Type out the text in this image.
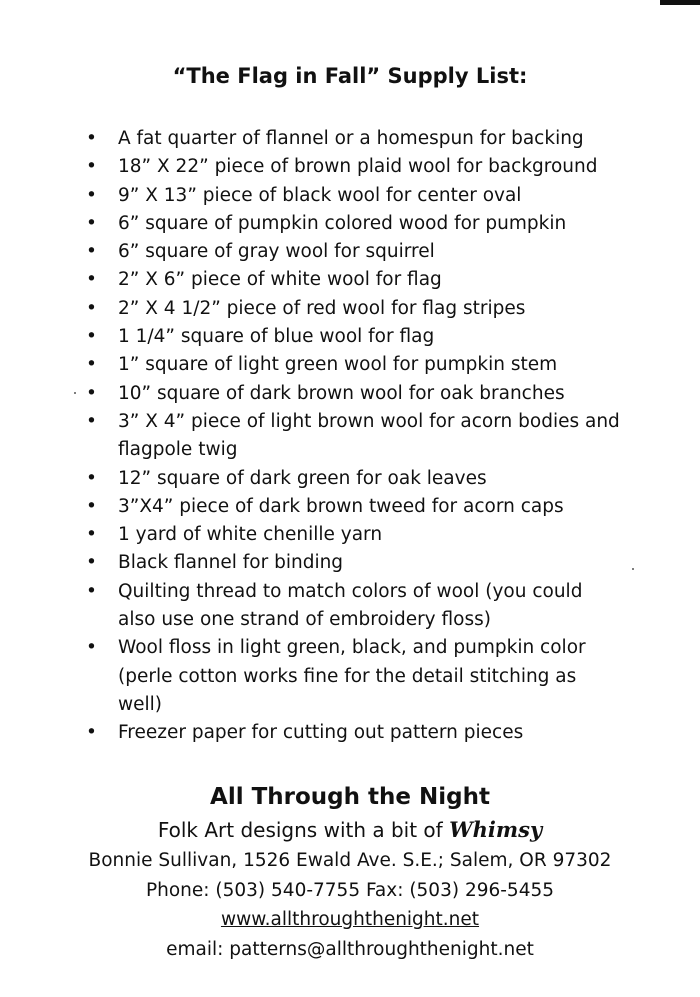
“The Flag in Fall” Supply List:
• A fat quarter of flannel or a homespun for backing
• 18” X 22” piece of brown plaid wool for background
• 9” X 13” piece of black wool for center oval
• 6” square of pumpkin colored wood for pumpkin
• 6” square of gray wool for squirrel
• 2” X 6” piece of white wool for flag
• 2” X 4 1/2” piece of red wool for flag stripes
• 1 1/4” square of blue wool for flag
• 1” square of light green wool for pumpkin stem
• 10” square of dark brown wool for oak branches
• 3” X 4” piece of light brown wool for acorn bodies and
flagpole twig
• 12” square of dark green for oak leaves
• 3”X4” piece of dark brown tweed for acorn caps
• 1 yard of white chenille yarn
• Black flannel for binding
• Quilting thread to match colors of wool (you could
also use one strand of embroidery floss)
• Wool floss in light green, black, and pumpkin color
(perle cotton works fine for the detail stitching as
well)
• Freezer paper for cutting out pattern pieces
All Through the Night
Folk Art designs with a bit of Whimsy
Bonnie Sullivan, 1526 Ewald Ave. S.E.; Salem, OR 97302
Phone: (503) 540-7755 Fax: (503) 296-5455
www.allthroughthenight.net
email: patterns@allthroughthenight.net
